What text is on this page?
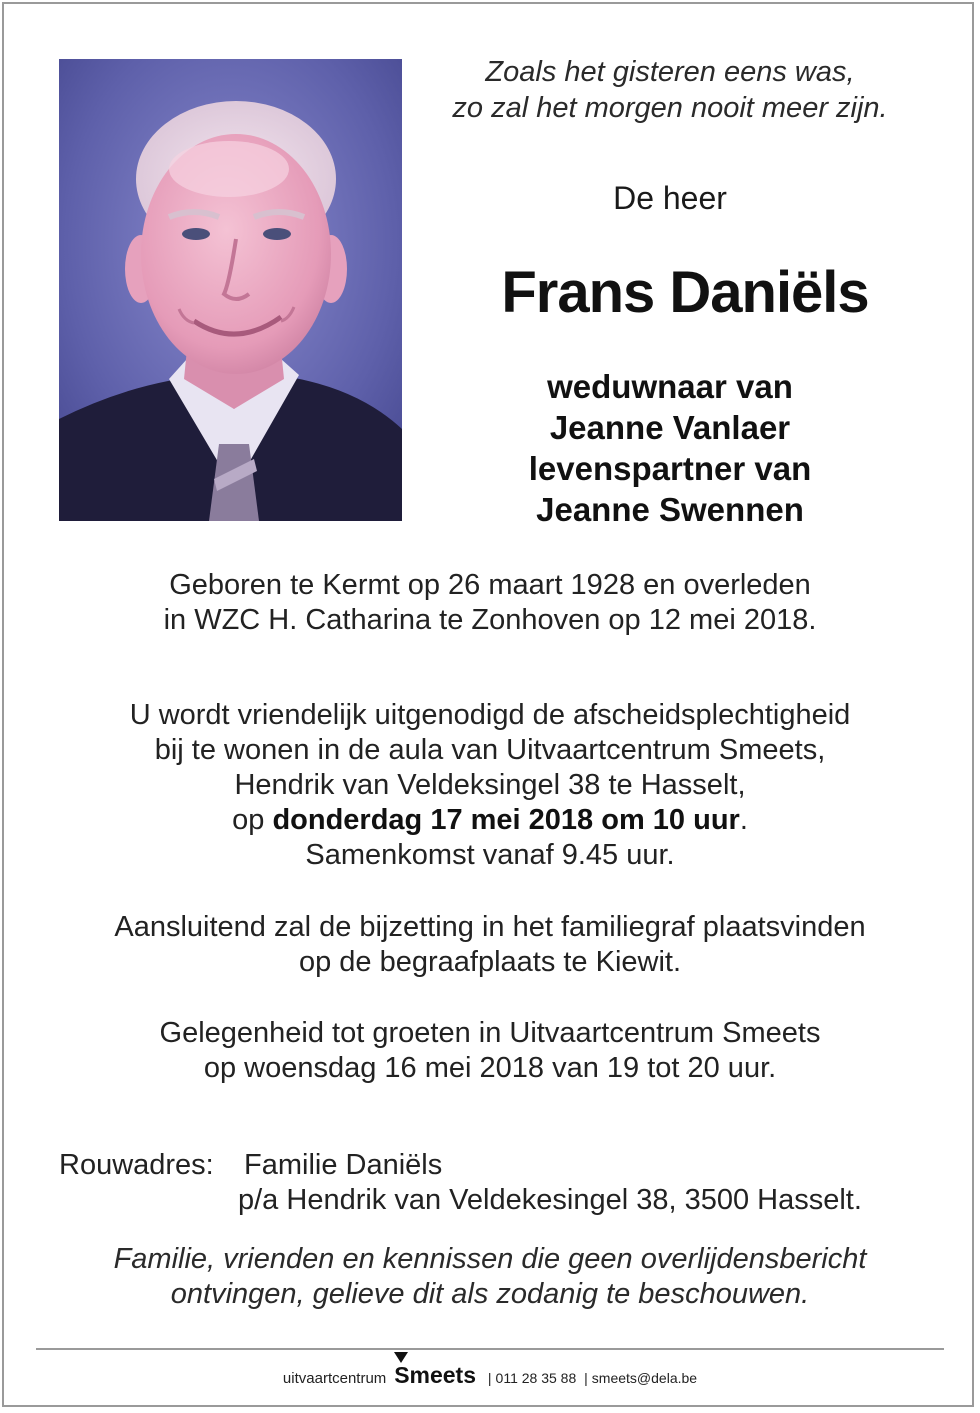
Zoals het gisteren eens was,
zo zal het morgen nooit meer zijn.
De heer
Frans Daniëls
weduwnaar van
Jeanne Vanlaer
levenspartner van
Jeanne Swennen
Geboren te Kermt op 26 maart 1928 en overleden
in WZC H. Catharina te Zonhoven op 12 mei 2018.
U wordt vriendelijk uitgenodigd de afscheidsplechtigheid
bij te wonen in de aula van Uitvaartcentrum Smeets,
Hendrik van Veldeksingel 38 te Hasselt,
op donderdag 17 mei 2018 om 10 uur.
Samenkomst vanaf 9.45 uur.
Aansluitend zal de bijzetting in het familiegraf plaatsvinden
op de begraafplaats te Kiewit.
Gelegenheid tot groeten in Uitvaartcentrum Smeets
op woensdag 16 mei 2018 van 19 tot 20 uur.
Rouwadres: Familie Daniëls
p/a Hendrik van Veldekesingel 38, 3500 Hasselt.
Familie, vrienden en kennissen die geen overlijdensbericht
ontvingen, gelieve dit als zodanig te beschouwen.
uitvaartcentrum Smeets | 011 28 35 88 | smeets@dela.be
